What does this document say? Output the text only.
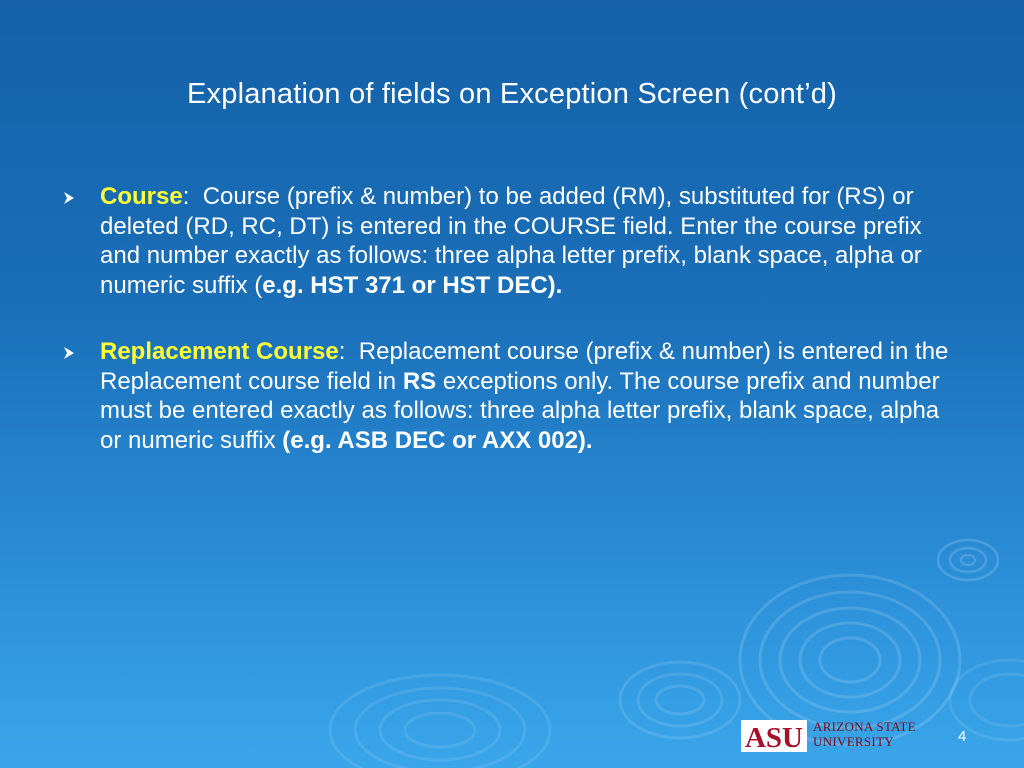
Explanation of fields on Exception Screen (cont’d)
Course:  Course (prefix & number) to be added (RM), substituted for (RS) or deleted (RD, RC, DT) is entered in the COURSE field. Enter the course prefix and number exactly as follows: three alpha letter prefix, blank space, alpha or numeric suffix (e.g. HST 371 or HST DEC).
Replacement Course:  Replacement course (prefix & number) is entered in the Replacement course field in RS exceptions only. The course prefix and number must be entered exactly as follows: three alpha letter prefix, blank space, alpha or numeric suffix (e.g. ASB DEC or AXX 002).
ASU ARIZONA STATE
UNIVERSITY	4
